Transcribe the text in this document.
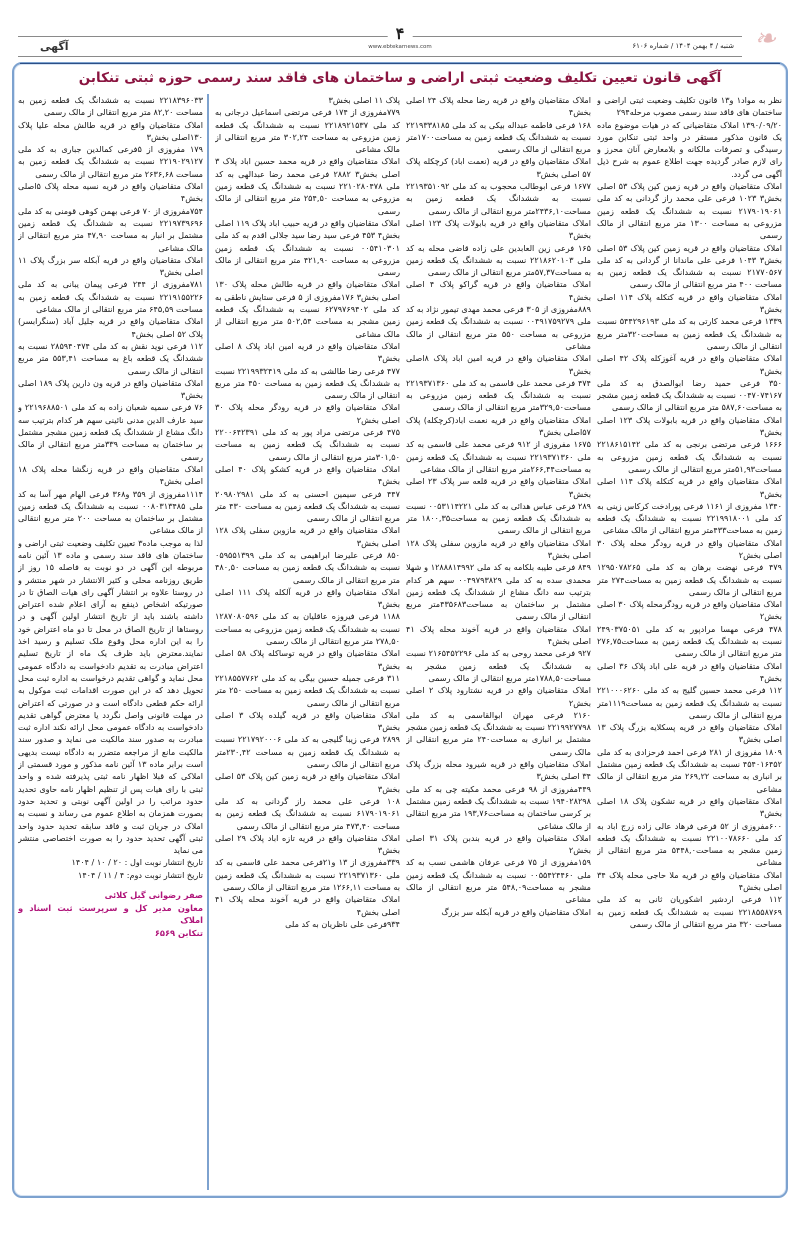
آگهی
۴
www.ebtekarnews.com	شنبه / ۴ بهمن ۱۴۰۴ / شماره ۶۱۰۶ ❧
آگهی قانون تعیین تکلیف وضعیت ثبتی اراضی و ساختمان های فاقد سند رسمی حوزه ثبتی تنکابن

نظر به مواد۱ و۱۳ قانون تکلیف وضعیت ثبتی اراضی و ساختمان های فاقد سند رسمی مصوب مرحله۲۹۴

۱۳۹۰/۰۹/۲۰ املاک متقاضیانی که در هیات موضوع ماده یک قانون مذکور مستقر در واحد ثبتی تنکابن مورد رسیدگی و تصرفات مالکانه و بلامعارض آنان محرز و رای لازم صادر گردیده جهت اطلاع عموم به شرح ذیل آگهی می گردد.

املاک متقاضیان واقع در قریه زمین کین پلاک ۵۳ اصلی بخش۳ ۱۰۲۳ فرعی علی محمد راز گردانی به کد ملی ۲۱۷۹۰۱۹۰۶۱ نسبت به ششدانگ یک قطعه زمین مزروعی به مساحت ۱۳۰۰ متر مربع انتقالی از مالک رسمی

املاک متقاضیان واقع در قریه زمین کین پلاک ۵۳ اصلی بخش۳ ۱۰۴۳ فرعی علی ماندانا از گردانی به کد ملی ۲۱۷۷۰۵۶۷ نسبت به ششدانگ یک قطعه زمین به مساحت ۴۰۰ متر مربع انتقالی از مالک رسمی

املاک متقاضیان واقع در قریه کتکله پلاک ۱۱۴ اصلی بخش۳

۱۳۳۹ فرعی محمد کارتی به کد ملی ۵۴۴۲۹۶۱۹۳ نسبت به ششدانگ یک قطعه زمین به مساحت۳۲۰متر مربع انتقالی از مالک رسمی

املاک متقاضیان واقع در قریه آغوزکله پلاک ۴۲ اصلی بخش۳

۳۵۰ فرعی حمید رضا ابوالصدق به کد ملی ۰۰۴۷۰۷۴۱۶۷ نسبت به ششدانگ یک قطعه زمین مشجر به مساحت۵۸۷,۶۰ متر مربع انتقالی از مالک رسمی

املاک متقاضیان واقع در قریه بابولات پلاک ۱۲۳ اصلی بخش۳

۱۶۶۶ فرعی مرتضی برنجی به کد ملی ۲۲۱۸۶۱۵۱۴۲ نسبت به ششدانگ یک قطعه زمین مزروعی به مساحت۵۱,۹۳متر مربع انتقالی از مالک رسمی

املاک متقاضیان واقع در قریه کتکله پلاک ۱۱۴ اصلی بخش۳

۱۳۴۰ مفروزی از ۱۱۶۱ فرعی پورادخت کرکاس زینی به کد ملی ۲۲۱۹۹۱۸۰۰۱ نسبت به ششدانگ یک قطعه زمین به مساحت۴۳۳متر مربع انتقالی از مالک مشاعی

املاک متقاضیان واقع در قریه رودگر محله پلاک ۳۰ اصلی بخش۲

۴۷۹ فرعی نهضت برهان به کد ملی ۱۲۹۵۰۷۸۲۶۵ نسبت به ششدانگ یک قطعه زمین به مساحت۲۷۴ متر مربع انتقالی از مالک رسمی

املاک متقاضیان واقع در قریه رودگرمحله پلاک ۳۰ اصلی بخش۲

۴۷۸ فرعی مهسا مرادپور به کد ملی ۲۴۹۰۳۷۵۰۵۱ نسبت به ششدانگ یک قطعه زمین به مساحت۲۷۶,۷۵ متر مربع انتقالی از مالک رسمی

املاک متقاضیان واقع در قریه علی اباد پلاک ۳۶ اصلی بخش۴

۱۱۲ فرعی محمد حسین گلیج به کد ملی ۲۲۱۰۰۰۶۲۶۰ نسبت به ششدانگ یک قطعه زمین به مساحت۱۱۱۹متر مربع انتقالی از مالک رسمی

املاک متقاضیان واقع در قریه پسکلایه بزرگ پلاک ۱۳ اصلی بخش۳

۱۸۰۹ مفروزی از ۲۸۱ فرعی احمد فرحزادی به کد ملی ۴۵۴۰۱۶۴۵۲ نسبت به ششدانگ یک قطعه زمین مشتمل بر انباری به مساحت ۲۶۹,۲۲ متر مربع انتقالی از مالک مشاعی

املاک متقاضیان واقع در قریه تشکون پلاک ۱۸ اصلی بخش۳

۶۰۰مفروزی از ۵۲ فرعی فرهاد عالی زاده زرج اباد به کد ملی ۲۲۱۰۰۷۸۶۶۰ نسبت به ششدانگ یک قطعه زمین مشجر به مساحت۵۴۴۸,۰ متر مربع انتقالی از مشاعی

املاک متقاضیان واقع در قریه ملا حاجی محله پلاک ۳۴ اصلی بخش۴

۱۱۲ فرعی اردشیر اشکوریان ثانی به کد ملی ۲۲۱۸۵۵۸۷۶۹ نسبت به ششدانگ یک قطعه زمین به مساحت ۳۲۰ متر مربع انتقالی از مالک رسمی

املاک متقاضیان واقع در قریه رضا محله پلاک ۲۴ اصلی بخش۴

۱۶۸ فرعی فاطمه عبداله بیکی به کد ملی ۲۲۱۹۳۳۸۱۸۵ نسبت به ششدانگ یک قطعه زمین به مساحت۱۷۰۰متر مربع انتقالی از مالک رسمی

املاک متقاضیان واقع در قریه (نعمت اباد) کرچکله پلاک ۵۷ اصلی بخش۳

۱۶۷۷ فرعی ابوطالب محجوب به کد ملی ۲۲۱۹۳۵۱۰۹۲ نسبت به ششدانگ یک قطعه زمین به مساحت۲۴۳۶,۱۰متر مربع انتقالی از مالک رسمی

املاک متقاضیان واقع در قریه بابولات پلاک ۱۲۳ اصلی بخش۳

۱۶۵ فرعی زین العابدین علی زاده قاضی محله به کد ملی ۲۲۱۸۶۲۰۱۰۳ نسبت به ششدانگ یک قطعه زمین به مساحت۵۷,۳۷متر مربع انتقالی از مالک رسمی

املاک متقاضیان واقع در قریه گراکو پلاک ۴ اصلی بخش۴

۸۸۹مفروزی از ۳۰۵ فرعی محمد مهدی تیمور نژاد به کد ملی ۰۰۴۹۱۷۵۹۲۷۹ نسبت به ششدانگ یک قطعه زمین مزروعی به مساحت ۵۵۰ متر مربع انتقالی از مالک مشاعی

املاک متقاضیان واقع در قریه امین اباد پلاک ۸اصلی بخش۳

۴۷۴ فرعی محمد علی قاسمی به کد ملی ۲۲۱۹۳۷۱۳۶۰ نسبت به ششدانگ یک قطعه زمین مزروعی به مساحت۳۲۹,۵۰متر مربع انتقالی از مالک رسمی

املاک متقاضیان واقع در قریه نعمت اباد(کرچکله) پلاک ۵۷اصلی بخش۳

۱۶۷۵ مفروزی از ۹۱۲ فرعی محمد علی قاسمی به کد ملی ۲۲۱۹۳۷۱۳۶۰ نسبت به ششدانگ یک قطعه زمین به مساحت۲۶۶,۴۴متر مربع انتقالی از مالک مشاعی

املاک متقاضیان واقع در قریه قلعه سر پلاک ۲۳ اصلی بخش۳

۲۸۹ فرعی عباس هدائی به کد ملی ۰۰۵۳۱۱۴۲۲۱ نسبت به ششدانگ یک قطعه زمین به مساحت۱۸۰۰,۳۵ متر مربع انتقالی از مالک رسمی

املاک متقاضیان واقع در قریه مازوبن سفلی پلاک ۱۲۸ اصلی بخش۳

۸۴۹ فرعی طیبه بلکامه به کد ملی ۱۲۸۸۸۱۴۹۹۲ و شهلا محمدی سده به کد ملی ۰۰۴۹۷۹۳۸۲۹ سهم هر کدام بترتیب سه دانگ مشاع از ششدانگ یک قطعه زمین مشتمل بر ساختمان به مساحت۴۳۵۶۸۳متر مربع انتقالی از مالک رسمی

املاک متقاضیان واقع در قریه آخوند محله پلاک ۴۱ اصلی بخش۴

۹۲۷ فرعی محمد روحی به کد ملی ۲۱۶۵۴۵۲۲۹۶ نسبت به ششدانگ یک قطعه زمین مشجر به مساحت۱۷۸۸,۵۰متر مربع انتقالی از مالک رسمی

املاک متقاضیان واقع در قریه نشتارود پلاک ۲ اصلی بخش۲

۲۱۶۰ فرعی مهران ابوالقاسمی به کد ملی ۲۲۱۹۹۲۷۷۹۸ نسبت به ششدانگ یک قطعه زمین مشجر مشتمل بر انباری به مساحت۲۴۰ متر مربع انتقالی از مالک رسمی

املاک متقاضیان واقع در قریه شیرود محله بزرگ پلاک ۳۴ اصلی بخش۳

۴۴۹مفروزی از ۹۸ فرعی محمد مکیته چی به کد ملی ۱۹۴۰۲۸۲۹۸ نسبت به ششدانگ یک قطعه زمین مشتمل بر کرسی ساختمان به مساحت۱۹۳,۷۶ متر مربع انتقالی از مالک مشاعی

املاک متقاضیان واقع در قریه بندبن پلاک ۳۱ اصلی بخش۲

۱۵۹مفروزی از ۷۵ فرعی عرفان هاشمی نسب به کد ملی ۰۰۵۵۴۲۴۴۶۰ نسبت به ششدانگ یک قطعه زمین مشجر به مساحت۵۴۸,۰۹ متر مربع انتقالی از مالک مشاعی

املاک متقاضیان واقع در قریه آبکله سر بزرگ

پلاک ۱۱ اصلی بخش۳

۷۷۹مفروزی از ۱۷۴ فرعی مرتضی اسماعیل درجانی به کد ملی ۲۲۱۸۹۲۱۵۳۷ نسبت به ششدانگ یک قطعه زمین مزروعی به مساحت ۳۰۲,۲۴ متر مربع انتقالی از مالک مشاعی

املاک متقاضیان واقع در قریه محمد حسین اباد پلاک ۳ اصلی بخش۳ ۲۸۸۲ فرعی محمد رضا عبدالهی به کد ملی ۲۲۱۰۲۸۰۴۷۸ نسبت به ششدانگ یک قطعه زمین مزروعی به مساحت ۲۵۴,۵۰ متر مربع انتقالی از مالک رسمی

املاک متقاضیان واقع در قریه حبیب اباد پلاک ۱۱۹ اصلی بخش۴ ۴۵۳ فرعی سید رضا سید جلالی اقدم به کد ملی ۰۰۵۴۱۰۳۰۱ نسبت به ششدانگ یک قطعه زمین مزروعی به مساحت ۴۲۱,۹۰ متر مربع انتقالی از مالک رسمی

املاک متقاضیان واقع در قریه طالش محله پلاک ۱۳۰ اصلی بخش۳ ۱۷۶مفروزی از ۵ فرعی ستایش ناطقی به کد ملی ۶۲۷۹۷۶۹۴۰۲ نسبت به ششدانگ یک قطعه زمین مشجر به مساحت ۵۰۲,۵۴ متر مربع انتقالی از مالک مشاعی

املاک متقاضیان واقع در قریه امین اباد پلاک ۸ اصلی بخش۳

۴۷۷ فرعی رضا طالشی به کد ملی ۲۲۱۹۹۳۲۴۱۹ نسبت به ششدانگ یک قطعه زمین به مساحت ۴۵۰ متر مربع انتقالی از مالک رسمی

املاک متقاضیان واقع در قریه رودگر محله پلاک ۳۰ اصلی بخش۲

۴۷۵ فرعی مرتضی مراد پور به کد ملی ۲۲۰۰۶۴۲۳۹۱ نسبت به ششدانگ یک قطعه زمین به مساحت ۳۰۱,۵۰متر مربع انتقالی از مالک رسمی

املاک متقاضیان واقع در قریه کشکو پلاک ۴۰ اصلی بخش۴

۴۴۷ فرعی سیمین احسنی به کد ملی ۲۰۹۸۰۲۹۸۱ نسبت به ششدانگ یک قطعه زمین به مساحت ۴۳۰ متر مربع انتقالی از مالک رسمی

املاک متقاضیان واقع در قریه مازوبن سفلی پلاک ۱۲۸ اصلی بخش۳

۸۵۰ فرعی علیرضا ابراهیمی به کد ملی ۰۵۹۵۵۱۳۹۹ نسبت به ششدانگ یک قطعه زمین به مساحت ۴۸۰,۵۰ متر مربع انتقالی از مالک رسمی

املاک متقاضیان واقع در قریه آلکله پلاک ۱۱۱ اصلی بخش۳

۱۱۸۸ فرعی فیروزه عاقلیان به کد ملی ۱۲۸۷۰۸۰۵۹۶ نسبت به ششدانگ یک قطعه زمین مزروعی به مساحت ۲۷۸,۵۰ متر مربع انتقالی از مالک رسمی

املاک متقاضیان واقع در قریه توساکله پلاک ۵۸ اصلی بخش۳

۳۱۱ فرعی جمیله حسین بیگی به کد ملی ۲۲۱۸۵۵۷۷۶۲ نسبت به ششدانگ یک قطعه زمین به مساحت ۲۵۰ متر مربع انتقالی از مالک رسمی

املاک متقاضیان واقع در قریه گیلده پلاک ۳ اصلی بخش۳

۲۸۹۹ فرعی زیبا گلیجی به کد ملی ۲۲۱۷۹۲۰۰۰۶ نسبت به ششدانگ یک قطعه زمین به مساحت ۲۳۰,۴۲متر مربع انتقالی از مالک رسمی

املاک متقاضیان واقع در قریه زمین کین پلاک ۵۳ اصلی بخش۳

۱۰۸ فرعی علی محمد راز گردانی به کد ملی ۶۱۷۹۰۱۹۰۶۱ نسبت به ششدانگ یک قطعه زمین به مساحت ۴۷۳,۴۰ متر مربع انتقالی از مالک رسمی

املاک متقاضیان واقع در قریه تازه اباد پلاک ۲۹ اصلی بخش۳

۳۳۹مفروزی از ۱۳ و۲۱فرعی محمد علی قاسمی به کد ملی ۲۲۱۹۳۷۱۳۶۰ نسبت به ششدانگ یک قطعه زمین به مساحت ۱۲۶۶,۱۱ متر مربع انتقالی از مالک رسمی

املاک متقاضیان واقع در قریه آخوند محله پلاک ۴۱ اصلی بخش۴

۹۳۴فرعی علی ناظریان به کد ملی

۲۲۱۸۳۹۶۰۳۳ نسبت به ششدانگ یک قطعه زمین به مساحت ۸۲,۲۰ متر مربع انتقالی از مالک رسمی

املاک متقاضیان واقع در قریه طالش محله علیا پلاک ۱۳۰اصلی بخش۳

۱۷۹ مفروزی از ۵فرعی کمالدین جباری به کد ملی ۲۲۱۹۰۲۹۱۲۷ نسبت به ششدانگ یک قطعه زمین به مساحت ۲۶۳۶,۶۸ متر مربع انتقالی از مالک رسمی

املاک متقاضیان واقع در قریه نسیه محله پلاک ۵اصلی بخش۴

۷۵۴مفروزی از ۷۰ فرعی بهمن کوهی قومنی به کد ملی ۲۲۱۹۷۳۹۶۹۶ نسبت به ششدانگ یک قطعه زمین مشتمل بر انبار به مساحت ۴۷,۹۰ متر مربع انتقالی از مالک مشاعی

املاک متقاضیان واقع در قریه آبکله سر بزرگ پلاک ۱۱ اصلی بخش۳

۷۸۱مفروزی از ۲۴۴ فرعی پیمان یبانی به کد ملی ۲۲۱۹۱۵۵۲۲۶ نسبت به ششدانگ یک قطعه زمین به مساحت ۶۴۵,۵۹ متر مربع انتقالی از مالک مشاعی

املاک متقاضیان واقع در قریه جلیل آباد (سنگرابسر) پلاک ۵۲ اصلی بخش۴

۱۱۲ فرعی نوید نقش به کد ملی ۲۸۵۹۴۰۴۷۴ نسبت به ششدانگ یک قطعه باغ به مساحت ۵۵۳,۴۱ متر مربع انتقالی از مالک رسمی

املاک متقاضیان واقع در قریه ون دارین پلاک ۱۸۹ اصلی بخش۳

۷۶ فرعی سمیه شعبان زاده به کد ملی ۲۲۱۹۶۸۸۵۰۱ و سید عارف الدین مدنی نائینی سهم هر کدام بترتیب سه دانگ مشاع از ششدانگ یک قطعه زمین مشجر مشتمل بر ساختمان به مساحت ۳۳۹متر مربع انتقالی از مالک رسمی

املاک متقاضیان واقع در قریه زنگشا محله پلاک ۱۸ اصلی بخش۴

۱۱۱۴مفروزی از ۳۵۹ و۳۶۸ فرعی الهام مهر آسا به کد ملی ۰۰۸۰۳۱۳۴۸۵ نسبت به ششدانگ یک قطعه زمین مشتمل بر ساختمان به مساحت ۲۰۰ متر مربع انتقالی از مالک مشاعی

لذا به موجب ماده۳ تعیین تکلیف وضعیت ثبتی اراضی و ساختمان های فاقد سند رسمی و ماده ۱۳ آئین نامه مربوطه این آگهی در دو نوبت به فاصله ۱۵ روز از طریق روزنامه محلی و کثیر الانتشار در شهر منتشر و در روستا علاوه بر انتشار آگهی رای هیات الصاق تا در صورتیکه اشخاص ذینفع به آرای اعلام شده اعتراض داشته باشند باید از تاریخ انتشار اولین آگهی و در روستاها از تاریخ الصاق در محل تا دو ماه اعتراض خود را به این اداره محل وقوع ملک تسلیم و رسید اخذ نمایند.معترض باید ظرف یک ماه از تاریخ تسلیم اعتراض مبادرت به تقدیم دادخواست به دادگاه عمومی محل نماید و گواهی تقدیم درخواست به اداره ثبت محل تحویل دهد که در این صورت اقدامات ثبت موکول به ارائه حکم قطعی دادگاه است و در صورتی که اعتراض در مهلت قانونی واصل نگردد یا معترض گواهی تقدیم دادخواست به دادگاه عمومی محل ارائه نکند اداره ثبت مبادرت به صدور سند مالکیت می نماید و صدور سند مالکیت مانع از مراجعه متضرر به دادگاه نیست بدیهی است برابر ماده ۱۳ آئین نامه مذکور و مورد قسمتی از املاکی که قبلا اظهار نامه ثبتی پذیرفته شده و واحد ثبتی با رای هیات پس از تنظیم اظهار نامه حاوی تحدید حدود مراتب را در اولین آگهی نوبتی و تحدید حدود بصورت همزمان به اطلاع عموم می رساند و نسبت به املاک در جریان ثبت و فاقد سابقه تحدید حدود واحد ثبتی آگهی تحدید حدود را به صورت اختصاصی منتشر می نماید

تاریخ انتشار نوبت اول : ۲۰ / ۱۰ / ۱۴۰۴

تاریخ انتشار نوبت دوم: ۴ / ۱۱ / ۱۴۰۴

صفر رضوانی گیل کلائی
معاون مدیر کل و سرپرست ثبت اسناد و املاک
تنکابن ۶۵۶۹
